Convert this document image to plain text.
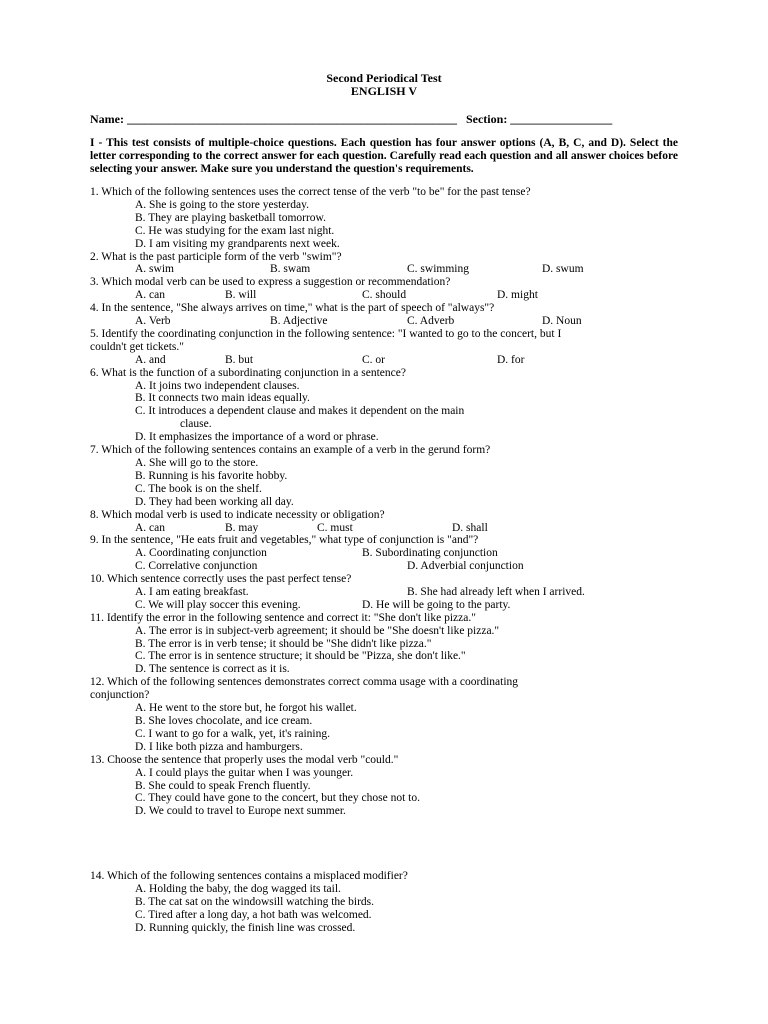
Second Periodical Test
ENGLISH V
Name: _______________________________________________________ Section: _________________
I - This test consists of multiple-choice questions. Each question has four answer options (A, B, C, and D). Select the letter corresponding to the correct answer for each question. Carefully read each question and all answer choices before selecting your answer. Make sure you understand the question's requirements.
1. Which of the following sentences uses the correct tense of the verb "to be" for the past tense?
A. She is going to the store yesterday.
B. They are playing basketball tomorrow.
C. He was studying for the exam last night.
D. I am visiting my grandparents next week.
2. What is the past participle form of the verb "swim"?
A. swim	B. swam	C. swimming	D. swum
3. Which modal verb can be used to express a suggestion or recommendation?
A. can	B. will	C. should	D. might
4. In the sentence, "She always arrives on time," what is the part of speech of "always"?
A. Verb	B. Adjective	C. Adverb	D. Noun
5. Identify the coordinating conjunction in the following sentence: "I wanted to go to the concert, but I
couldn't get tickets."
A. and	B. but	C. or	D. for
6. What is the function of a subordinating conjunction in a sentence?
A. It joins two independent clauses.
B. It connects two main ideas equally.
C. It introduces a dependent clause and makes it dependent on the main
clause.
D. It emphasizes the importance of a word or phrase.
7. Which of the following sentences contains an example of a verb in the gerund form?
A. She will go to the store.
B. Running is his favorite hobby.
C. The book is on the shelf.
D. They had been working all day.
8. Which modal verb is used to indicate necessity or obligation?
A. can	B. may	C. must	D. shall
9. In the sentence, "He eats fruit and vegetables," what type of conjunction is "and"?
A. Coordinating conjunction	B. Subordinating conjunction
C. Correlative conjunction	D. Adverbial conjunction
10. Which sentence correctly uses the past perfect tense?
A. I am eating breakfast.	B. She had already left when I arrived.
C. We will play soccer this evening.	D. He will be going to the party.
11. Identify the error in the following sentence and correct it: "She don't like pizza."
A. The error is in subject-verb agreement; it should be "She doesn't like pizza."
B. The error is in verb tense; it should be "She didn't like pizza."
C. The error is in sentence structure; it should be "Pizza, she don't like."
D. The sentence is correct as it is.
12. Which of the following sentences demonstrates correct comma usage with a coordinating
conjunction?
A. He went to the store but, he forgot his wallet.
B. She loves chocolate, and ice cream.
C. I want to go for a walk, yet, it's raining.
D. I like both pizza and hamburgers.
13. Choose the sentence that properly uses the modal verb "could."
A. I could plays the guitar when I was younger.
B. She could to speak French fluently.
C. They could have gone to the concert, but they chose not to.
D. We could to travel to Europe next summer.
14. Which of the following sentences contains a misplaced modifier?
A. Holding the baby, the dog wagged its tail.
B. The cat sat on the windowsill watching the birds.
C. Tired after a long day, a hot bath was welcomed.
D. Running quickly, the finish line was crossed.
